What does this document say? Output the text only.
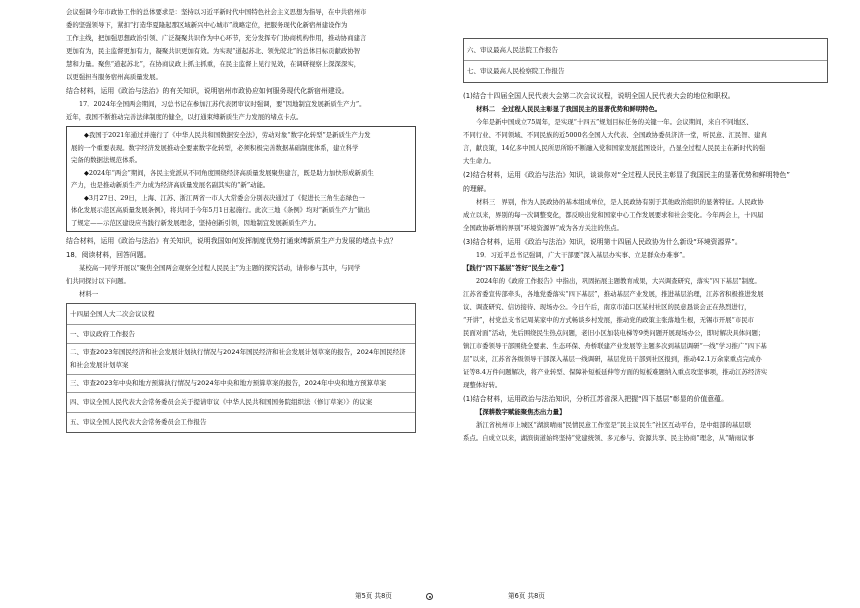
会议强调今年市政协工作的总体要求是：坚持以习近平新时代中国特色社会主义思想为指导，在中共宿州市

委的坚强领导下，紧扣“打造华夏隆起那区域新兴中心城市”战略定位，把服务现代化新宿州建设作为

工作主线，把加强思想政治引领、广泛凝聚共识作为中心环节，充分发挥专门协商机构作用，推动协商建言

更加有为，民主监督更加有力，凝聚共识更加有效。为实现“道起苏北、领先皖北”的总体目标贡献政协智

慧和力量。聚焦“道起苏北”，在协商议政上抓主抓重，在民主监督上见行见效，在调研视察上深深深实，

以更强担当服务宿州高质量发展。

结合材料，运用《政治与法治》的有关知识，说明宿州市政协应如何服务现代化新宿州建设。

17．2024年全国两会期间，习总书记在参加江苏代表团审议时强调，要“因地制宜发展新质生产力”。

近年，我国不断推动完善法律制度的健全，以打通束缚新质生产力发展的堵点卡点。

◆我国于2021年通过并施行了《中华人民共和国数据安全法》，劳动对象“数字化转型”是新质生产力发

展的一个重要表现。数字经济发展推动全要素数字化转型，必须积极完善数据基础制度体系，建立科学

完备的数据法规范体系。

◆2024年“两会”期间，各民主党派从不同角度围绕经济高质量发展聚焦建言，既是助力加快形成新质生

产力，也是推动新质生产力成为经济高质量发展名副其实的“新”动能。

◆3月27日、29日，上海、江苏、浙江两省一市人大常委会分别表决通过了《促进长三角生态绿色一

体化发展示范区高质量发展条例》，将共同于今年5月1日起施行。此次三地《条例》均对“新质生产力”做出

了规定——示范区建设应当践行新发展理念，坚持创新引领，因地制宜发展新质生产力。

结合材料，运用《政治与法治》有关知识，说明我国如何发挥制度优势打通束缚新质生产力发展的堵点卡点？

18．阅读材料，回答问题。

某校高一同学开展以“聚焦全国两会观察全过程人民民主”为主题的探究活动，请你参与其中，与同学

们共同探讨以下问题。

材料一

十四届全国人大二次会议议程
一、审议政府工作报告
二、审查2023年国民经济和社会发展计划执行情况与2024年国民经济和社会发展计划草案的报告，2024年国民经济和社会发展计划草案
三、审查2023年中央和地方预算执行情况与2024年中央和地方预算草案的报告，2024年中央和地方预算草案
四、审议全国人民代表大会常务委员会关于提请审议《中华人民共和国国务院组织法（修订草案）》的议案
五、审议全国人民代表大会常务委员会工作报告
第5页 共8页
六、审议最高人民法院工作报告
七、审议最高人民检察院工作报告

(1)结合十四届全国人民代表大会第二次会议议程，说明全国人民代表大会的地位和职权。

材料二　全过程人民民主彰显了我国民主的显著优势和鲜明特色。

今年是新中国成立75周年，是实现“十四五”规划目标任务的关键一年。会议期间，来自不同地区、

不同行业、不同领域、不同民族的近5000名全国人大代表、全国政协委员济济一堂，听民意、汇民智、建真

言，献良策，14亿多中国人民所思所盼不断融入党和国家发展蓝图设计，凸显全过程人民民主在新时代的强

大生命力。

(2)结合材料，运用《政治与法治》知识，谈谈你对“全过程人民民主彰显了我国民主的显著优势和鲜明特色”

的理解。

材料三　界别，作为人民政协的基本组成单位，是人民政协有别于其他政治组织的显著特征。人民政协

成立以来，界别的每一次调整变化，都反映出党和国家中心工作发展要求和社会变化。今年两会上，十四届

全国政协新增的界别“环境资源界”成为各方关注的焦点。

(3)结合材料，运用《政治与法治》知识，说明第十四届人民政协为什么新设“环境资源界”。

19．习近平总书记强调，广大干部要“深入基层办实事、立足群众办难事”。

【践行“四下基层”答好“民生之卷”】

2024年的《政府工作报告》中指出，巩固拓展主题教育成果，大兴调查研究，落实“四下基层”制度。

江苏省委宣传部牵头，各地党委落实“四下基层”，推动基层产业发展，推进基层治理，江苏省积极推进发展

议、调查研究、信访接待、现场办公。今日午后，南京市浦口区某村社区的民意恳谈会正在热烈进行，

“开讲”，村党总支书记周某家中的方式畅谈乡村发展，推动党的政策主张落地生根，无锡市开展“市民市

民面对面”活动，先后围绕民生热点问题，老旧小区加装电梯等9类问题开展现场办公，即时解决具体问题；

镇江市委领导干部围绕全要素、生态环保、舟桥联建产业发展等主题多次到基层调研“一线”学习推广“四下基

层”以来，江苏省各级领导干部深入基层一线调研，基层党员干部到社区报到，推动42.1万余家重点完成办

证等8.4万件问题解决，将产业转型、保障补短板延伸等方面的短板难题纳入重点攻坚事项，推动江苏经济实

现整体好转。

(1)结合材料，运用政治与法治知识，分析江苏省深入把握“四下基层”彰显的价值意蕴。

【深耕数字赋能聚焦杰出力量】

浙江省杭州市上城区“湖滨晴雨”民情民意工作室是“民主议民生”社区互动平台，是中组部的基层联

系点。自成立以来，湖滨街道始终坚持“党建统领、多元参与、资源共享、民主协商”理念，从“睛雨议事

第6页 共8页
